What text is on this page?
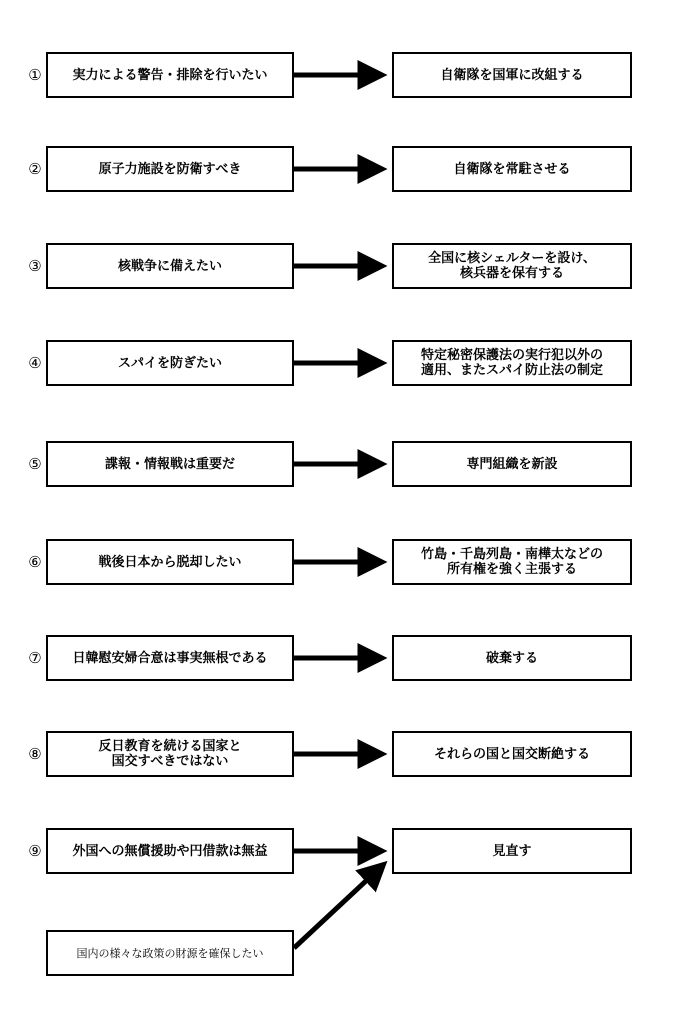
①	実力による警告・排除を行いたい	自衛隊を国軍に改組する
②	原子力施設を防衛すべき	自衛隊を常駐させる
③	核戦争に備えたい	全国に核シェルターを設け、
核兵器を保有する
④	スパイを防ぎたい	特定秘密保護法の実行犯以外の
適用、またスパイ防止法の制定
⑤	諜報・情報戦は重要だ	専門組織を新設
⑥	戦後日本から脱却したい	竹島・千島列島・南樺太などの
所有権を強く主張する
⑦	日韓慰安婦合意は事実無根である	破棄する
⑧	反日教育を続ける国家と
国交すべきではない	それらの国と国交断絶する
⑨	外国への無償援助や円借款は無益	見直す
国内の様々な政策の財源を確保したい
